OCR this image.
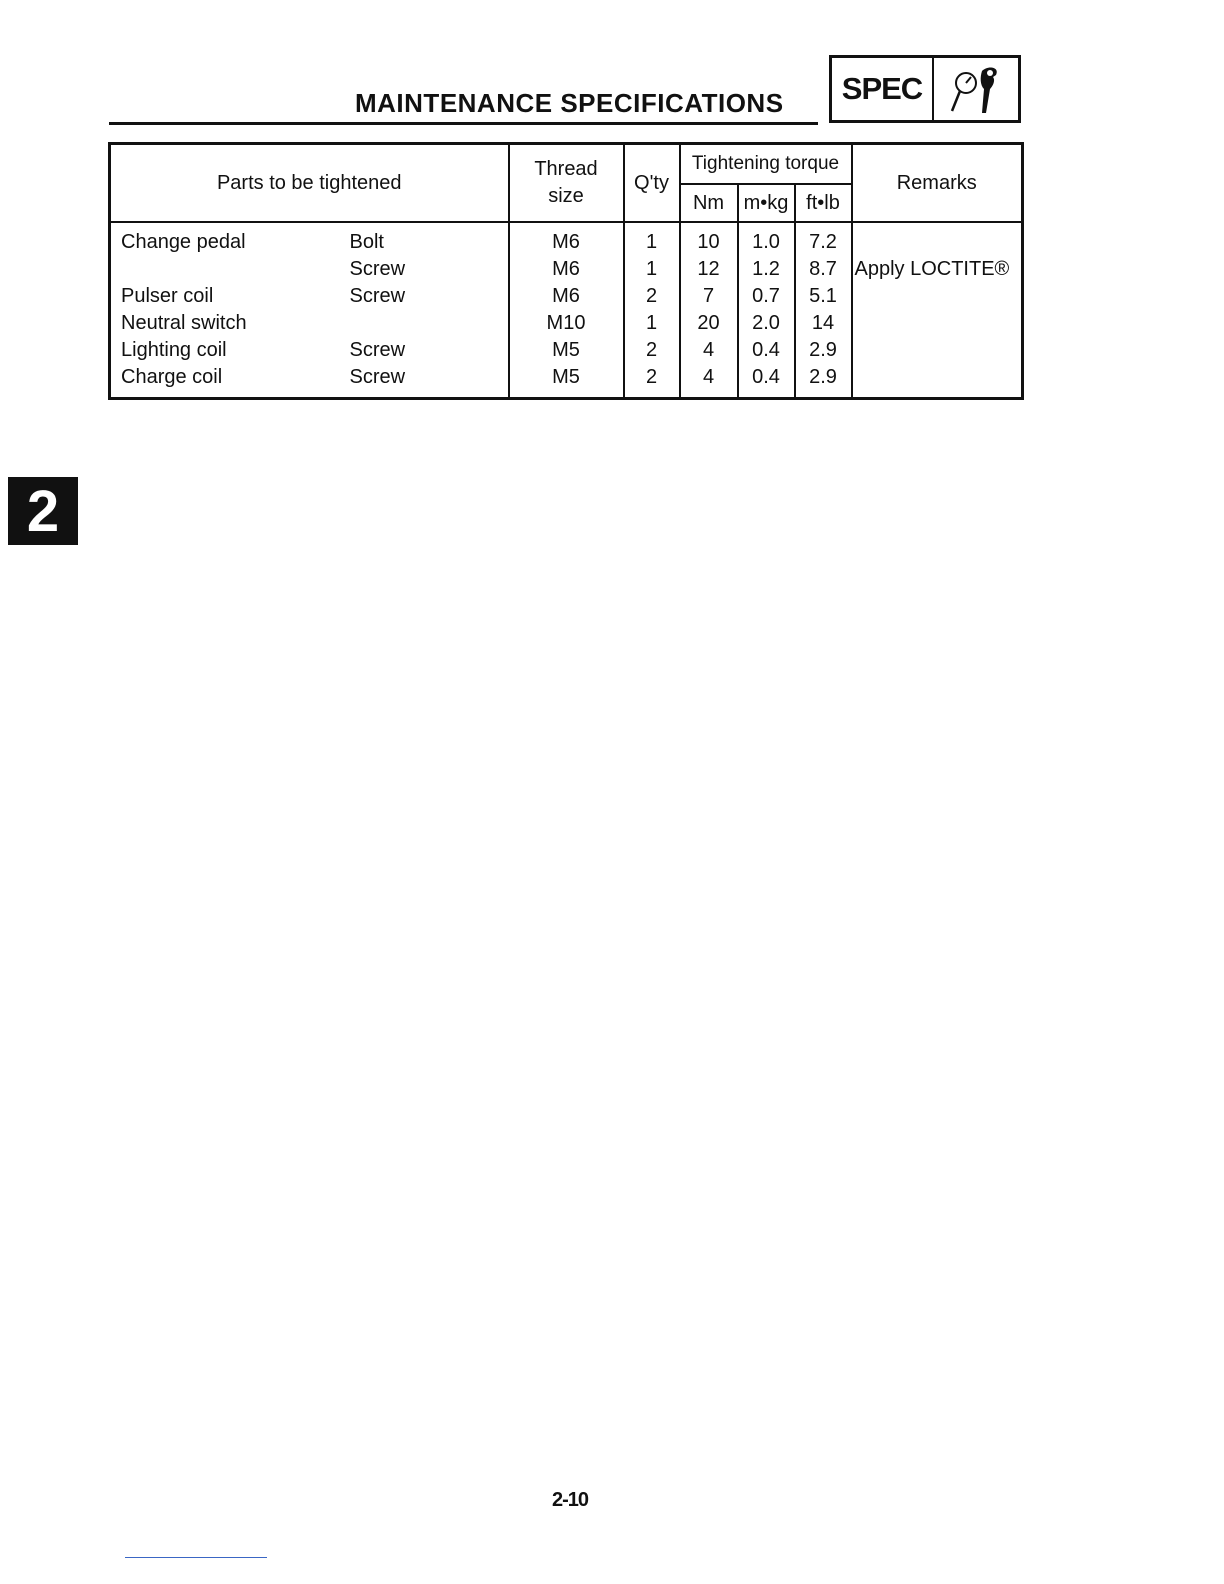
MAINTENANCE SPECIFICATIONS	SPEC
Parts to be tightened		Thread size	Q'ty	Tightening torque			Remarks
				Nm	m•kg	ft•lb	
Change pedal	Bolt	M6	1	10	1.0	7.2	
	Screw	M6	1	12	1.2	8.7	Apply LOCTITE®
Pulser coil	Screw	M6	2	7	0.7	5.1	
Neutral switch		M10	1	20	2.0	14	
Lighting coil	Screw	M5	2	4	0.4	2.9	
Charge coil	Screw	M5	2	4	0.4	2.9	
2
2-10
